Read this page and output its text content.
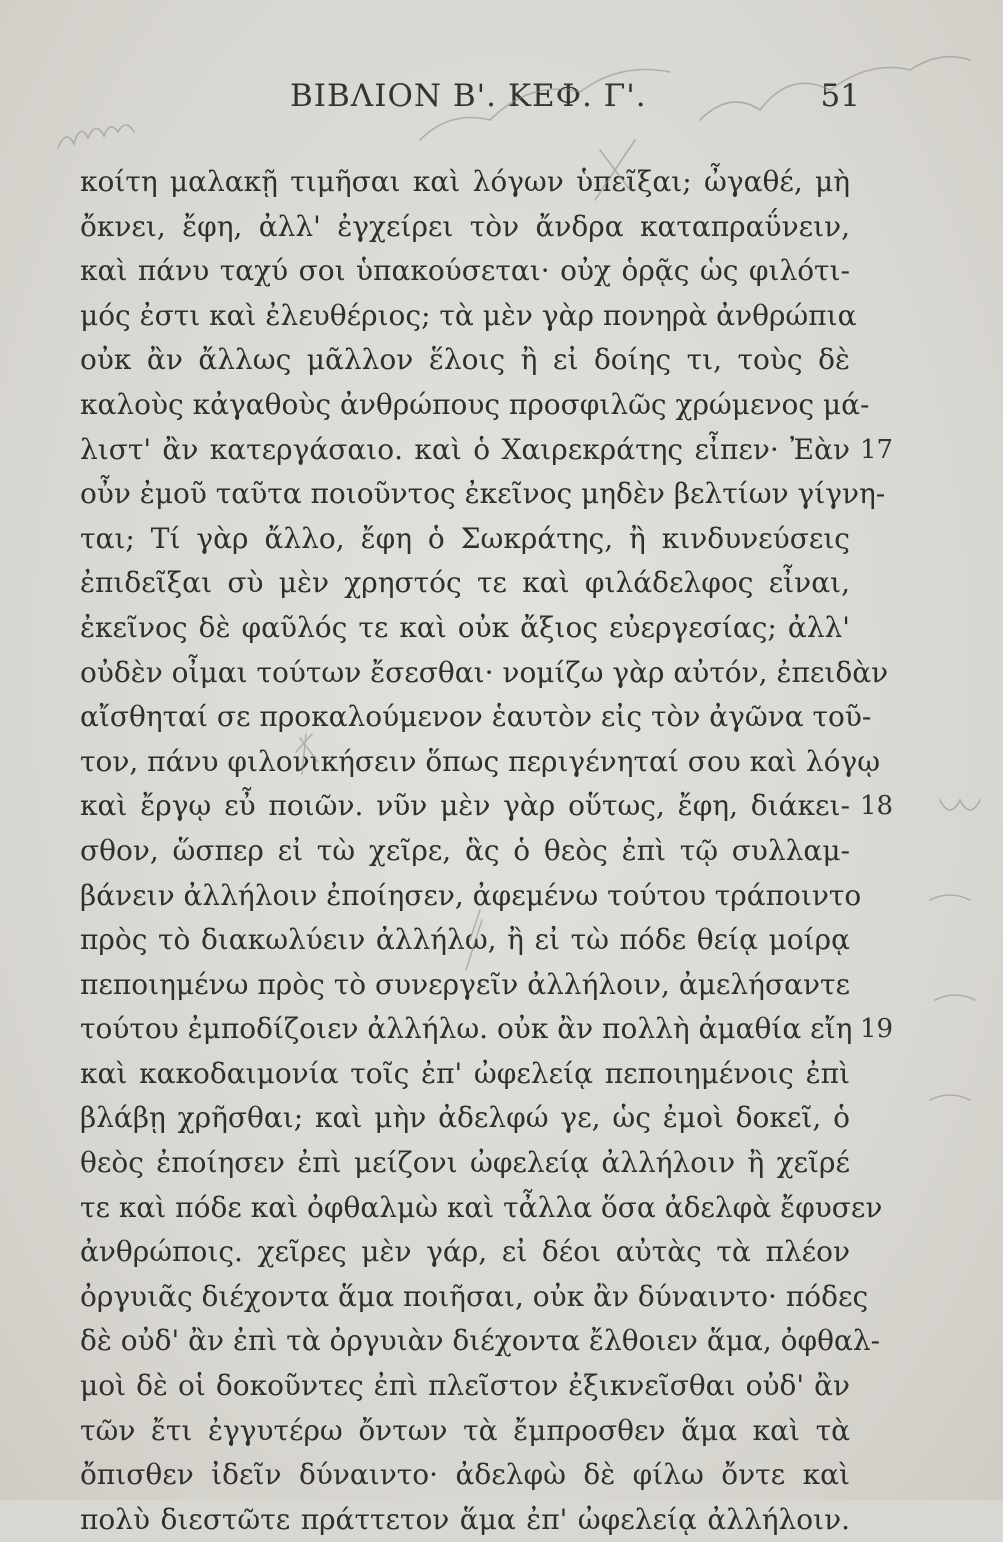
ΒΙΒΛΙΟΝ Β'. ΚΕΦ. Γ'.	51
κοίτη μαλακῇ τιμῆσαι καὶ λόγων ὑπεῖξαι; ὦγαθέ, μὴ
ὄκνει, ἔφη, ἀλλ' ἐγχείρει τὸν ἄνδρα καταπραΰνειν,
καὶ πάνυ ταχύ σοι ὑπακούσεται· οὐχ ὁρᾷς ὡς φιλότι-
μός ἐστι καὶ ἐλευθέριος; τὰ μὲν γὰρ πονηρὰ ἀνθρώπια
οὐκ ἂν ἄλλως μᾶλλον ἕλοις ἢ εἰ δοίης τι, τοὺς δὲ
καλοὺς κἀγαθοὺς ἀνθρώπους προσφιλῶς χρώμενος μά-
λιστ' ἂν κατεργάσαιο. καὶ ὁ Χαιρεκράτης εἶπεν· Ἐὰν
οὖν ἐμοῦ ταῦτα ποιοῦντος ἐκεῖνος μηδὲν βελτίων γίγνη-
ται; Τί γὰρ ἄλλο, ἔφη ὁ Σωκράτης, ἢ κινδυνεύσεις
ἐπιδεῖξαι σὺ μὲν χρηστός τε καὶ φιλάδελφος εἶναι,
ἐκεῖνος δὲ φαῦλός τε καὶ οὐκ ἄξιος εὐεργεσίας; ἀλλ'
οὐδὲν οἶμαι τούτων ἔσεσθαι· νομίζω γὰρ αὐτόν, ἐπειδὰν
αἴσθηταί σε προκαλούμενον ἑαυτὸν εἰς τὸν ἀγῶνα τοῦ-
τον, πάνυ φιλονικήσειν ὅπως περιγένηταί σου καὶ λόγῳ
καὶ ἔργῳ εὖ ποιῶν. νῦν μὲν γὰρ οὕτως, ἔφη, διάκει-
σθον, ὥσπερ εἰ τὼ χεῖρε, ἃς ὁ θεὸς ἐπὶ τῷ συλλαμ-
βάνειν ἀλλήλοιν ἐποίησεν, ἀφεμένω τούτου τράποιντο
πρὸς τὸ διακωλύειν ἀλλήλω, ἢ εἰ τὼ πόδε θείᾳ μοίρᾳ
πεποιημένω πρὸς τὸ συνεργεῖν ἀλλήλοιν, ἀμελήσαντε
τούτου ἐμποδίζοιεν ἀλλήλω. οὐκ ἂν πολλὴ ἀμαθία εἴη
καὶ κακοδαιμονία τοῖς ἐπ' ὠφελείᾳ πεποιημένοις ἐπὶ
βλάβῃ χρῆσθαι; καὶ μὴν ἀδελφώ γε, ὡς ἐμοὶ δοκεῖ, ὁ
θεὸς ἐποίησεν ἐπὶ μείζονι ὠφελείᾳ ἀλλήλοιν ἢ χεῖρέ
τε καὶ πόδε καὶ ὀφθαλμὼ καὶ τἆλλα ὅσα ἀδελφὰ ἔφυσεν
ἀνθρώποις. χεῖρες μὲν γάρ, εἰ δέοι αὐτὰς τὰ πλέον
ὀργυιᾶς διέχοντα ἅμα ποιῆσαι, οὐκ ἂν δύναιντο· πόδες
δὲ οὐδ' ἂν ἐπὶ τὰ ὀργυιὰν διέχοντα ἔλθοιεν ἅμα, ὀφθαλ-
μοὶ δὲ οἱ δοκοῦντες ἐπὶ πλεῖστον ἐξικνεῖσθαι οὐδ' ἂν
τῶν ἔτι ἐγγυτέρω ὄντων τὰ ἔμπροσθεν ἅμα καὶ τὰ
ὄπισθεν ἰδεῖν δύναιντο· ἀδελφὼ δὲ φίλω ὄντε καὶ
πολὺ διεστῶτε πράττετον ἅμα ἐπ' ὠφελείᾳ ἀλλήλοιν.
17
18
19
